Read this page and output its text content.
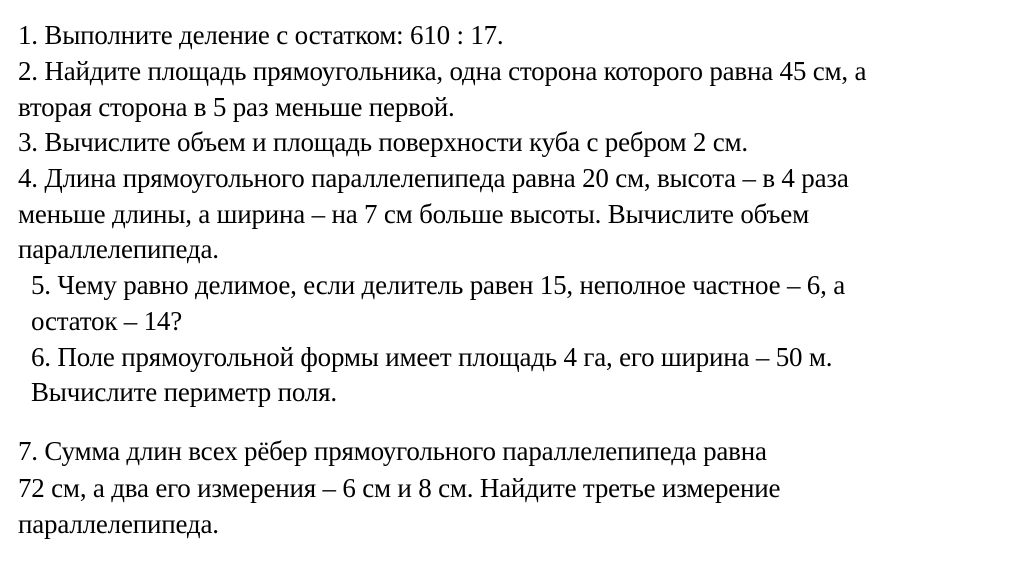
1. Выполните деление с остатком: 610 : 17.
2. Найдите площадь прямоугольника, одна сторона которого равна 45 см, а
вторая сторона в 5 раз меньше первой.
3. Вычислите объем и площадь поверхности куба с ребром 2 см.
4. Длина прямоугольного параллелепипеда равна 20 см, высота – в 4 раза
меньше длины, а ширина – на 7 см больше высоты. Вычислите объем
параллелепипеда.
5. Чему равно делимое, если делитель равен 15, неполное частное – 6, а
остаток – 14?
6. Поле прямоугольной формы имеет площадь 4 га, его ширина – 50 м.
Вычислите периметр поля.
7. Сумма длин всех рёбер прямоугольного параллелепипеда равна
72 см, а два его измерения – 6 см и 8 см. Найдите третье измерение
параллелепипеда.
